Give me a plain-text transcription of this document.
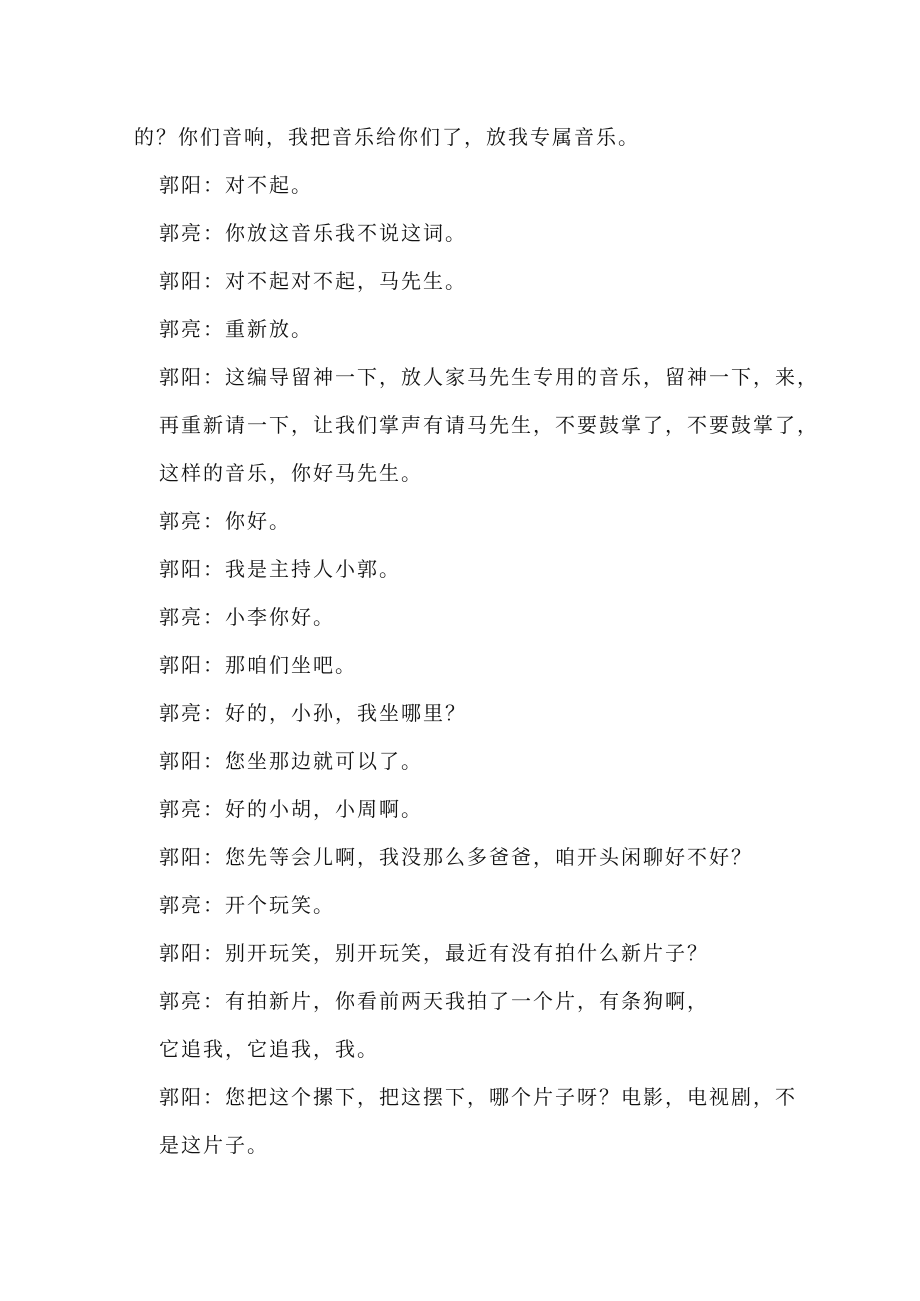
的？你们音响，我把音乐给你们了，放我专属音乐。

郭阳：对不起。

郭亮：你放这音乐我不说这词。

郭阳：对不起对不起，马先生。

郭亮：重新放。

郭阳：这编导留神一下，放人家马先生专用的音乐，留神一下，来，
再重新请一下，让我们掌声有请马先生，不要鼓掌了，不要鼓掌了，
这样的音乐，你好马先生。

郭亮：你好。

郭阳：我是主持人小郭。

郭亮：小李你好。

郭阳：那咱们坐吧。

郭亮：好的，小孙，我坐哪里？

郭阳：您坐那边就可以了。

郭亮：好的小胡，小周啊。

郭阳：您先等会儿啊，我没那么多爸爸，咱开头闲聊好不好？

郭亮：开个玩笑。

郭阳：别开玩笑，别开玩笑，最近有没有拍什么新片子？

郭亮：有拍新片，你看前两天我拍了一个片，有条狗啊，
它追我，它追我，我。

郭阳：您把这个摞下，把这摆下，哪个片子呀？电影，电视剧，不
是这片子。
